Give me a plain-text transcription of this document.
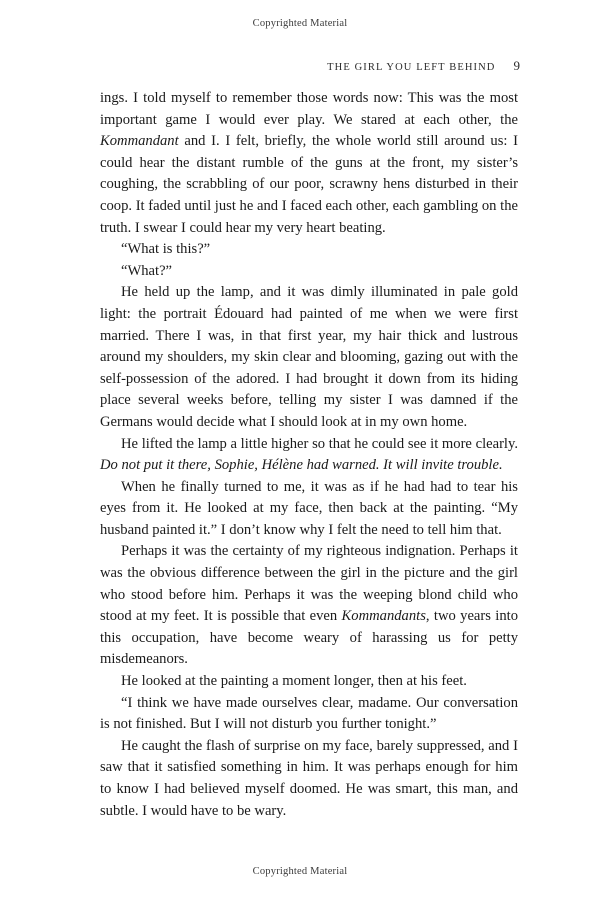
Copyrighted Material
THE GIRL YOU LEFT BEHIND 9

ings. I told myself to remember those words now: This was the most important game I would ever play. We stared at each other, the Kommandant and I. I felt, briefly, the whole world still around us: I could hear the distant rumble of the guns at the front, my sister’s coughing, the scrabbling of our poor, scrawny hens disturbed in their coop. It faded until just he and I faced each other, each gambling on the truth. I swear I could hear my very heart beating.

“What is this?”

“What?”

He held up the lamp, and it was dimly illuminated in pale gold light: the portrait Édouard had painted of me when we were first married. There I was, in that first year, my hair thick and lustrous around my shoulders, my skin clear and blooming, gazing out with the self-possession of the adored. I had brought it down from its hiding place several weeks before, telling my sister I was damned if the Germans would decide what I should look at in my own home.

He lifted the lamp a little higher so that he could see it more clearly. Do not put it there, Sophie, Hélène had warned. It will invite trouble.

When he finally turned to me, it was as if he had had to tear his eyes from it. He looked at my face, then back at the painting. “My husband painted it.” I don’t know why I felt the need to tell him that.

Perhaps it was the certainty of my righteous indignation. Perhaps it was the obvious difference between the girl in the picture and the girl who stood before him. Perhaps it was the weeping blond child who stood at my feet. It is possible that even Kommandants, two years into this occupation, have become weary of harassing us for petty misdemeanors.

He looked at the painting a moment longer, then at his feet.

“I think we have made ourselves clear, madame. Our conversation is not finished. But I will not disturb you further tonight.”

He caught the flash of surprise on my face, barely suppressed, and I saw that it satisfied something in him. It was perhaps enough for him to know I had believed myself doomed. He was smart, this man, and subtle. I would have to be wary.

Copyrighted Material
